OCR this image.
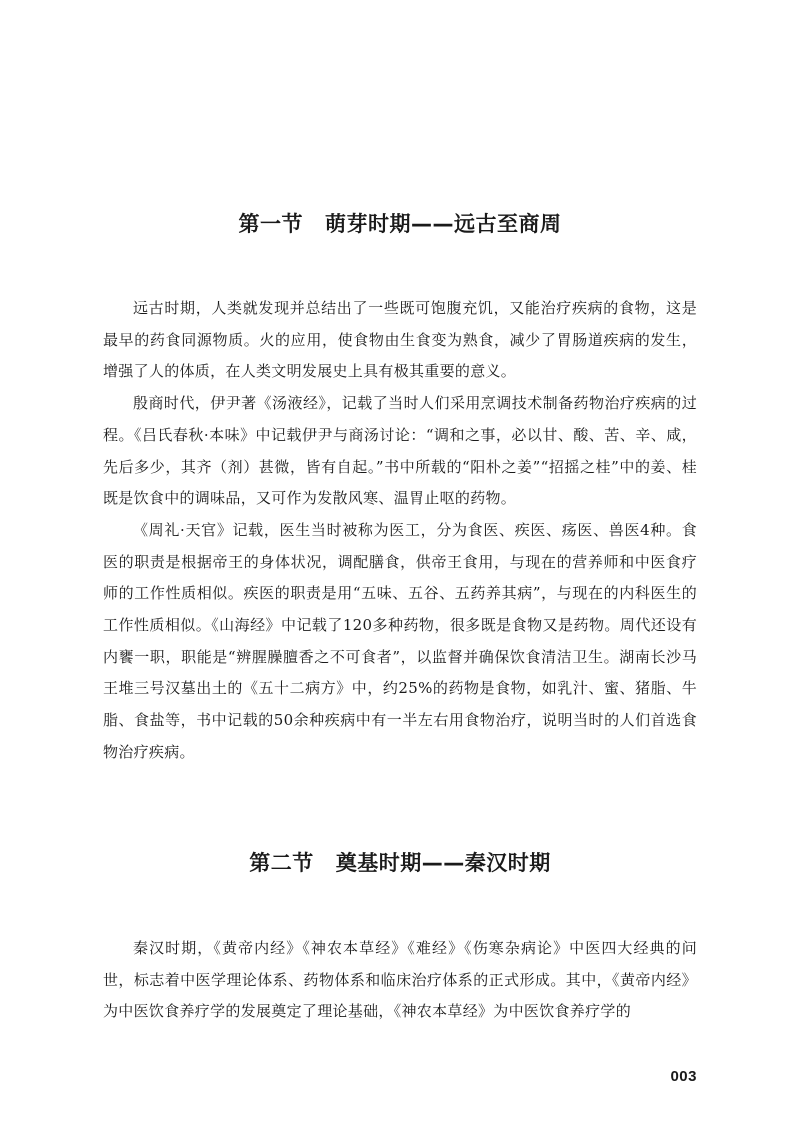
第一节 萌芽时期——远古至商周

远古时期，人类就发现并总结出了一些既可饱腹充饥，又能治疗疾病的食物，这是最早的药食同源物质。火的应用，使食物由生食变为熟食，减少了胃肠道疾病的发生，增强了人的体质，在人类文明发展史上具有极其重要的意义。

殷商时代，伊尹著《汤液经》，记载了当时人们采用烹调技术制备药物治疗疾病的过程。《吕氏春秋·本味》中记载伊尹与商汤讨论：“调和之事，必以甘、酸、苦、辛、咸，先后多少，其齐（剂）甚微，皆有自起。”书中所载的“阳朴之姜”“招摇之桂”中的姜、桂既是饮食中的调味品，又可作为发散风寒、温胃止呕的药物。

《周礼·天官》记载，医生当时被称为医工，分为食医、疾医、疡医、兽医4种。食医的职责是根据帝王的身体状况，调配膳食，供帝王食用，与现在的营养师和中医食疗师的工作性质相似。疾医的职责是用“五味、五谷、五药养其病”，与现在的内科医生的工作性质相似。《山海经》中记载了120多种药物，很多既是食物又是药物。周代还设有内饔一职，职能是“辨腥臊膻香之不可食者”，以监督并确保饮食清洁卫生。湖南长沙马王堆三号汉墓出土的《五十二病方》中，约25%的药物是食物，如乳汁、蜜、猪脂、牛脂、食盐等，书中记载的50余种疾病中有一半左右用食物治疗，说明当时的人们首选食物治疗疾病。

第二节 奠基时期——秦汉时期

秦汉时期，《黄帝内经》《神农本草经》《难经》《伤寒杂病论》中医四大经典的问世，标志着中医学理论体系、药物体系和临床治疗体系的正式形成。其中，《黄帝内经》为中医饮食养疗学的发展奠定了理论基础，《神农本草经》为中医饮食养疗学的

003
